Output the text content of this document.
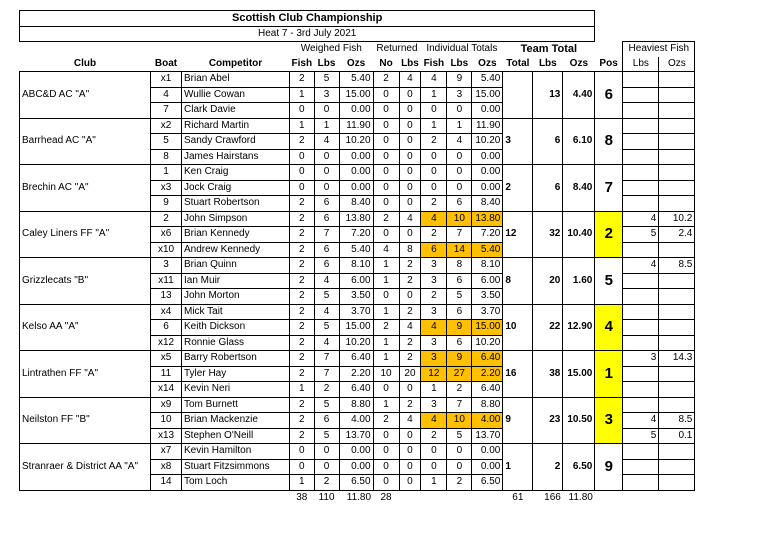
Scottish Club Championship																
Heat 7 - 3rd July 2021																
			Weighed Fish			Returned		Individual Totals			Team Total				Heaviest Fish	
Club	Boat	Competitor	Fish	Lbs	Ozs	No	Lbs	Fish	Lbs	Ozs	Total	Lbs	Ozs	Pos	Lbs	Ozs
ABC&D AC "A"	x1	Brian Abel	2	5	5.40	2	4	4	9	5.40		13	4.40	6		
	4	Wullie Cowan	1	3	15.00	0	0	1	3	15.00						
	7	Clark Davie	0	0	0.00	0	0	0	0	0.00						
Barrhead AC "A"	x2	Richard Martin	1	1	11.90	0	0	1	1	11.90	3	6	6.10	8		
	5	Sandy Crawford	2	4	10.20	0	0	2	4	10.20						
	8	James Hairstans	0	0	0.00	0	0	0	0	0.00						
Brechin AC "A"	1	Ken Craig	0	0	0.00	0	0	0	0	0.00	2	6	8.40	7		
	x3	Jock Craig	0	0	0.00	0	0	0	0	0.00						
	9	Stuart Robertson	2	6	8.40	0	0	2	6	8.40						
Caley Liners FF "A"	2	John Simpson	2	6	13.80	2	4	4	10	13.80	12	32	10.40	2	4	10.2
	x6	Brian Kennedy	2	7	7.20	0	0	2	7	7.20					5	2.4
	x10	Andrew Kennedy	2	6	5.40	4	8	6	14	5.40						
Grizzlecats "B"	3	Brian Quinn	2	6	8.10	1	2	3	8	8.10	8	20	1.60	5	4	8.5
	x11	Ian Muir	2	4	6.00	1	2	3	6	6.00						
	13	John Morton	2	5	3.50	0	0	2	5	3.50						
Kelso AA "A"	x4	Mick Tait	2	4	3.70	1	2	3	6	3.70	10	22	12.90	4		
	6	Keith Dickson	2	5	15.00	2	4	4	9	15.00						
	x12	Ronnie Glass	2	4	10.20	1	2	3	6	10.20						
Lintrathen FF "A"	x5	Barry Robertson	2	7	6.40	1	2	3	9	6.40	16	38	15.00	1	3	14.3
	11	Tyler Hay	2	7	2.20	10	20	12	27	2.20						
	x14	Kevin Neri	1	2	6.40	0	0	1	2	6.40						
Neilston FF "B"	x9	Tom Burnett	2	5	8.80	1	2	3	7	8.80	9	23	10.50	3		
	10	Brian Mackenzie	2	6	4.00	2	4	4	10	4.00					4	8.5
	x13	Stephen O'Neill	2	5	13.70	0	0	2	5	13.70					5	0.1
Stranraer & District AA "A"	x7	Kevin Hamilton	0	0	0.00	0	0	0	0	0.00	1	2	6.50	9		
	x8	Stuart Fitzsimmons	0	0	0.00	0	0	0	0	0.00						
	14	Tom Loch	1	2	6.50	0	0	1	2	6.50						
			38	110	11.80	28					61	166	11.80			
